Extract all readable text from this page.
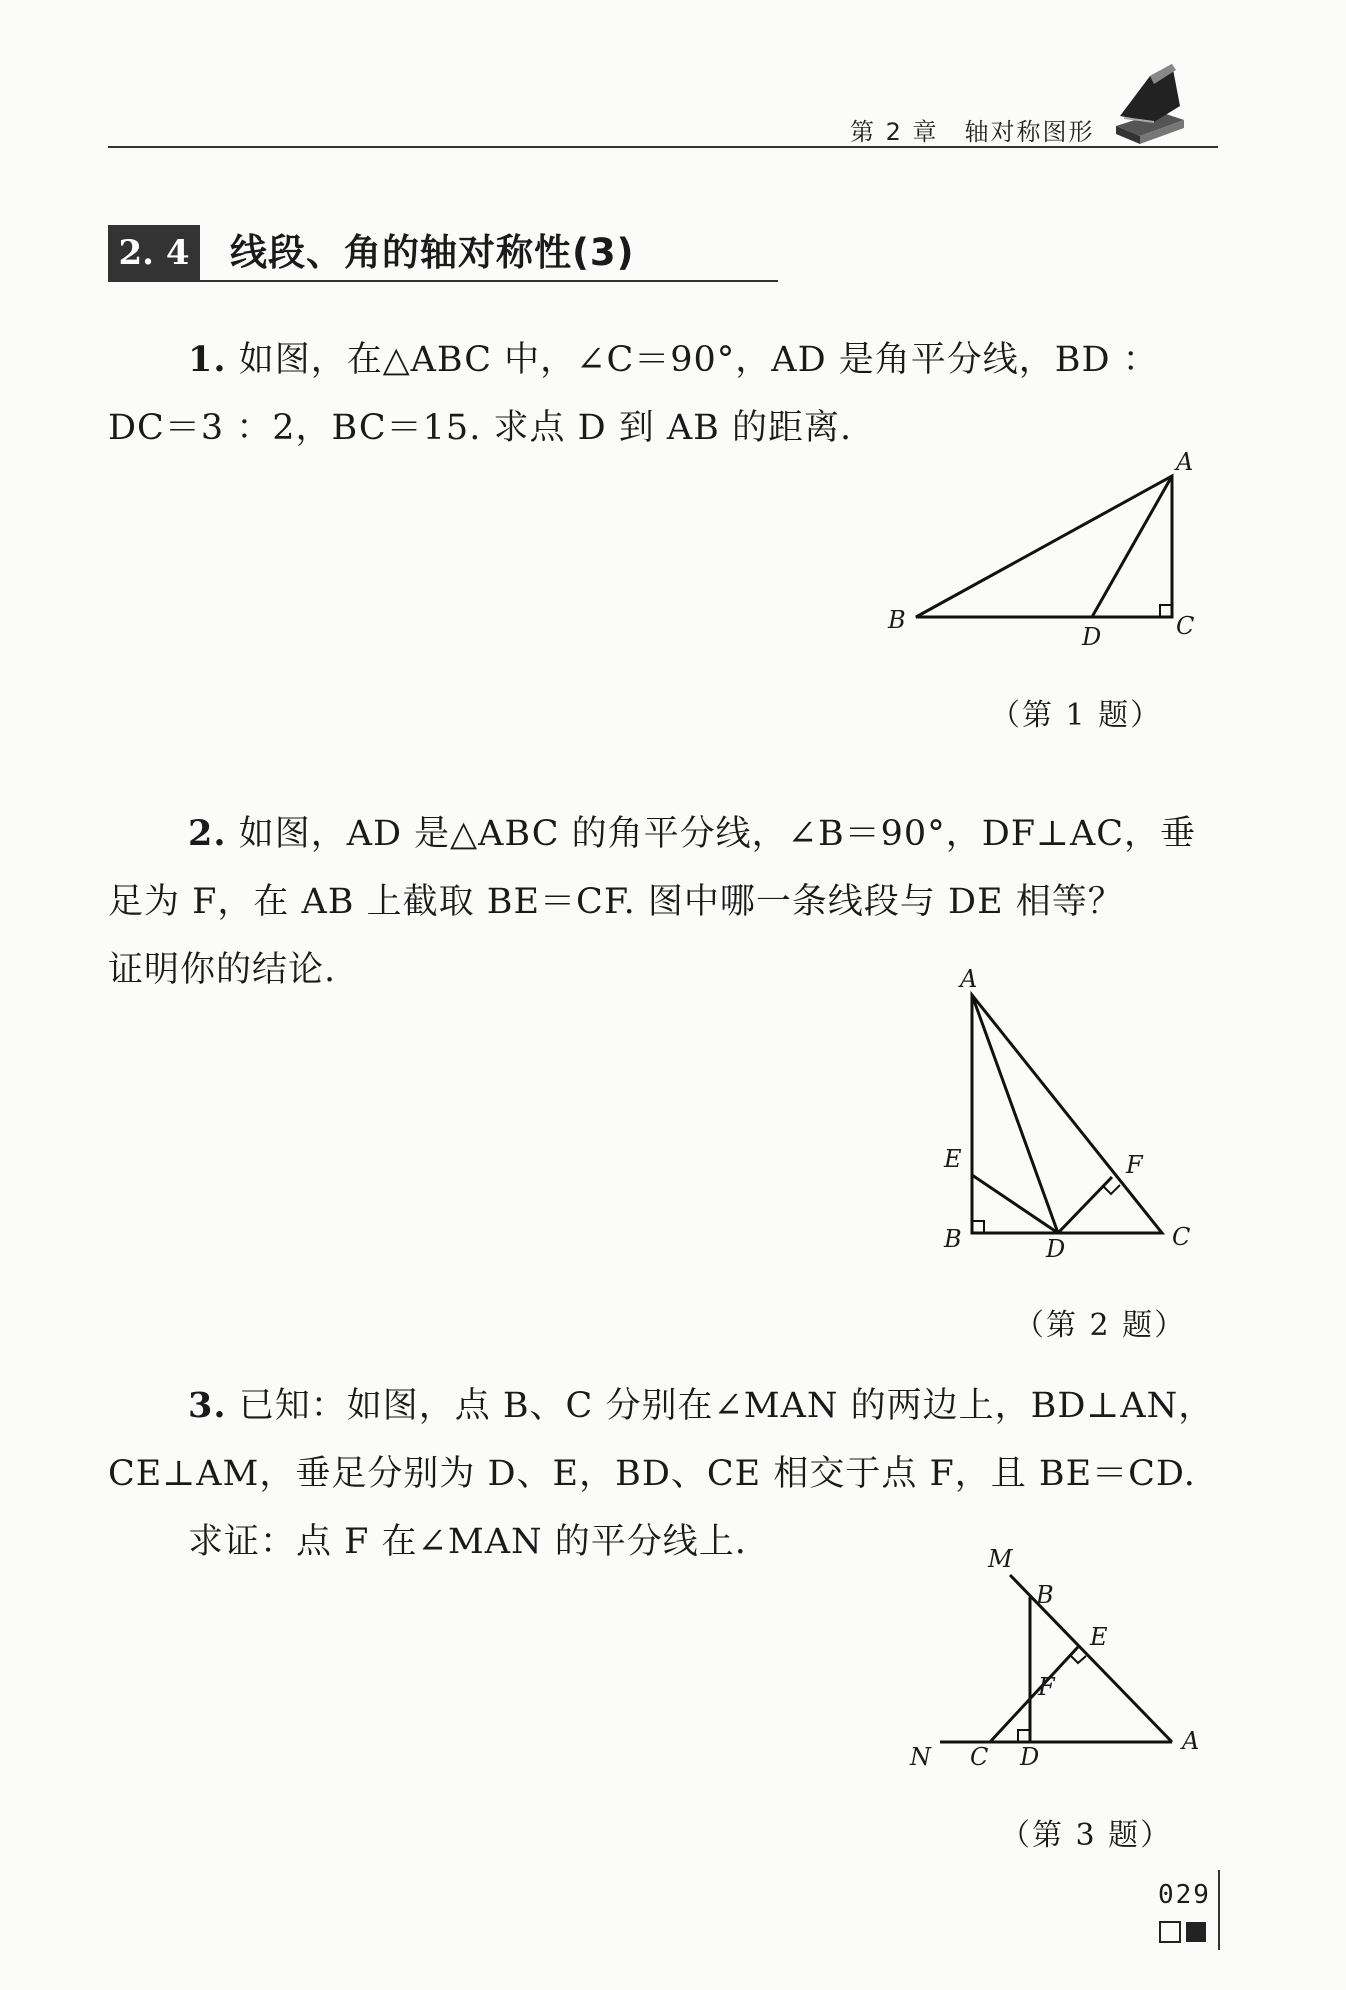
第 2 章 轴对称图形
2. 4 线段、角的轴对称性(3)

1. 如图，在△ABC 中，∠C＝90°，AD 是角平分线，BD ：

DC＝3 ：2，BC＝15. 求点 D 到 AB 的距离.

A
B	C
D
（第 1 题）

2. 如图，AD 是△ABC 的角平分线，∠B＝90°，DF⊥AC，垂

足为 F，在 AB 上截取 BE＝CF. 图中哪一条线段与 DE 相等？

证明你的结论.	A
E	F
B	D	C
（第 2 题）

3. 已知：如图，点 B、C 分别在∠MAN 的两边上，BD⊥AN，

CE⊥AM，垂足分别为 D、E，BD、CE 相交于点 F，且 BE＝CD.

求证：点 F 在∠MAN 的平分线上.	M
B
E
F
N C D
A
（第 3 题）
029
